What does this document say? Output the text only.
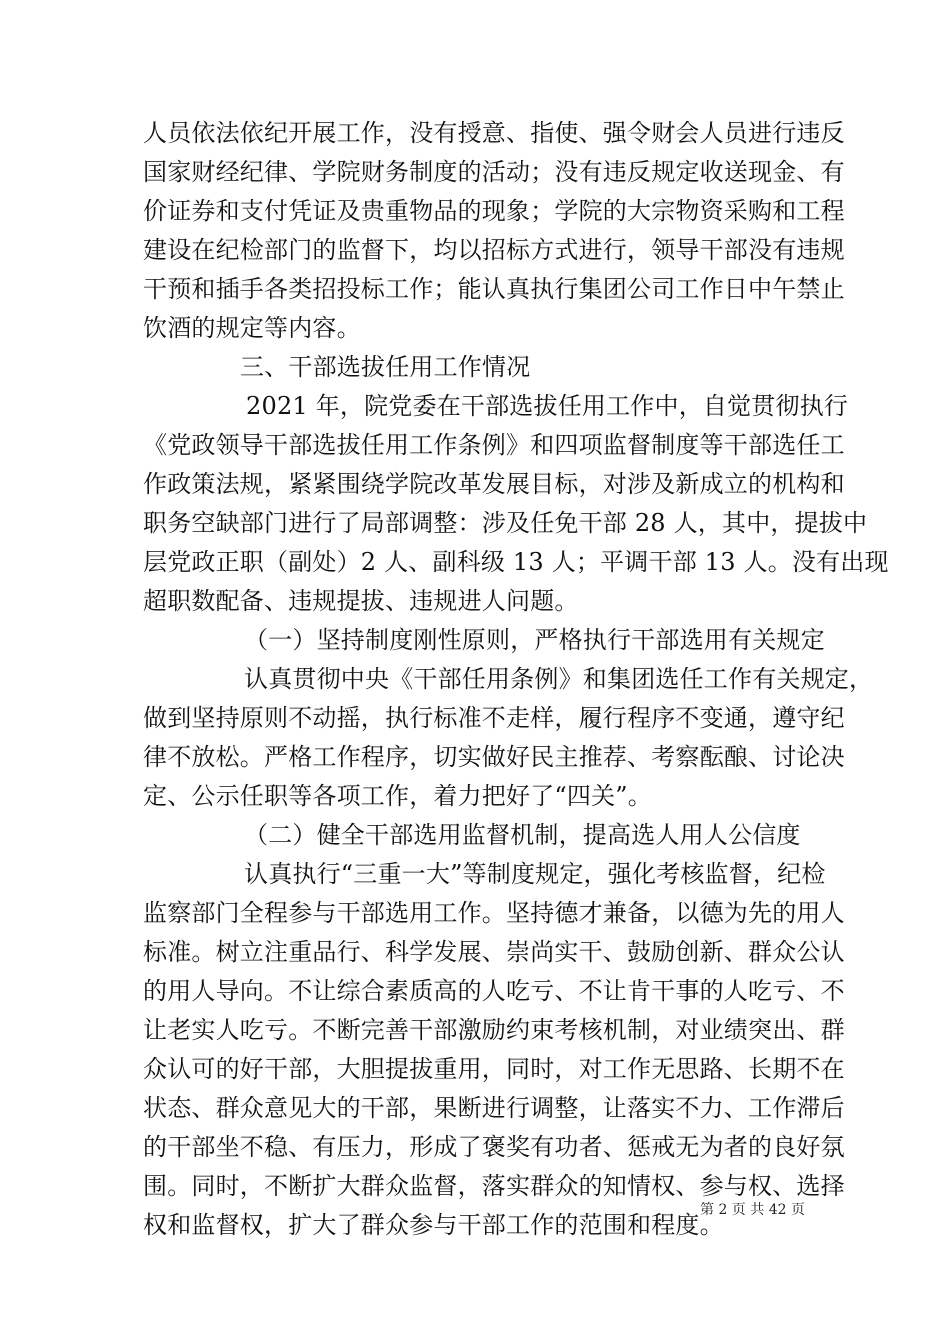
人员依法依纪开展工作，没有授意、指使、强令财会人员进行违反
国家财经纪律、学院财务制度的活动；没有违反规定收送现金、有
价证券和支付凭证及贵重物品的现象；学院的大宗物资采购和工程
建设在纪检部门的监督下，均以招标方式进行，领导干部没有违规
干预和插手各类招投标工作；能认真执行集团公司工作日中午禁止
饮酒的规定等内容。
三、干部选拔任用工作情况
2021 年，院党委在干部选拔任用工作中，自觉贯彻执行
《党政领导干部选拔任用工作条例》和四项监督制度等干部选任工
作政策法规，紧紧围绕学院改革发展目标，对涉及新成立的机构和
职务空缺部门进行了局部调整：涉及任免干部 28 人，其中，提拔中
层党政正职（副处）2 人、副科级 13 人；平调干部 13 人。没有出现
超职数配备、违规提拔、违规进人问题。
（一）坚持制度刚性原则，严格执行干部选用有关规定
认真贯彻中央《干部任用条例》和集团选任工作有关规定，
做到坚持原则不动摇，执行标准不走样，履行程序不变通，遵守纪
律不放松。严格工作程序，切实做好民主推荐、考察酝酿、讨论决
定、公示任职等各项工作，着力把好了“四关”。
（二）健全干部选用监督机制，提高选人用人公信度
认真执行“三重一大”等制度规定，强化考核监督，纪检
监察部门全程参与干部选用工作。坚持德才兼备，以德为先的用人
标准。树立注重品行、科学发展、崇尚实干、鼓励创新、群众公认
的用人导向。不让综合素质高的人吃亏、不让肯干事的人吃亏、不
让老实人吃亏。不断完善干部激励约束考核机制，对业绩突出、群
众认可的好干部，大胆提拔重用，同时，对工作无思路、长期不在
状态、群众意见大的干部，果断进行调整，让落实不力、工作滞后
的干部坐不稳、有压力，形成了褒奖有功者、惩戒无为者的良好氛
围。同时，不断扩大群众监督，落实群众的知情权、参与权、选择
权和监督权，扩大了群众参与干部工作的范围和程度。
第 2 页 共 42 页
